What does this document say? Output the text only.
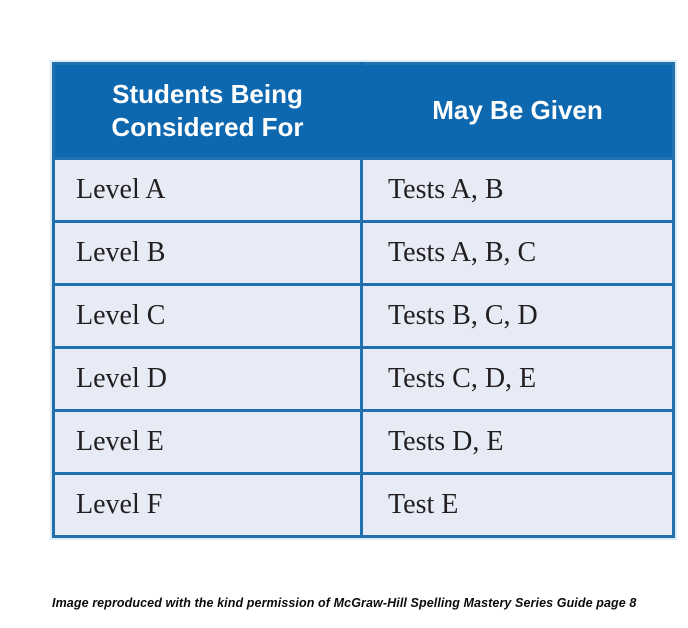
Students Being Considered For	May Be Given
Level A	Tests A, B
Level B	Tests A, B, C
Level C	Tests B, C, D
Level D	Tests C, D, E
Level E	Tests D, E
Level F	Test E
Image reproduced with the kind permission of McGraw-Hill Spelling Mastery Series Guide page 8
